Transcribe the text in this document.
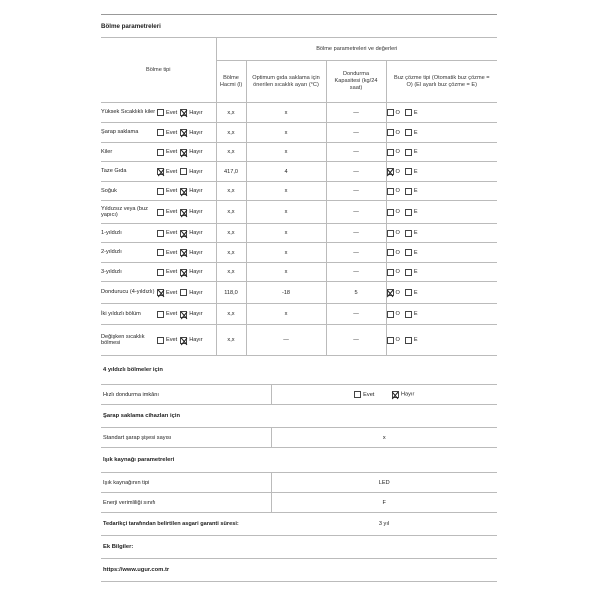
Bölme parametreleri
Bölme tipi		Bölme parametreleri ve değerleri			

		Bölme Hacmi (l)	Optimum gıda saklama için önerilen sıcaklık ayarı (°C)	Dondurma Kapasitesi (kg/24 saat)	Buz çözme tipi (Otomatik buz çözme = O) (El ayarlı buz çözme = E)

Yüksek Sıcaklıklı kiler	Evet Hayır	x,x	x	—	O E
Şarap saklama	Evet Hayır	x,x	x	—	O E
Kiler	Evet Hayır	x,x	x	—	O E
Taze Gıda	Evet Hayır	417,0	4	—	O E
Soğuk	Evet Hayır	x,x	x	—	O E
Yıldızsız veya (buz yapıcı)	Evet Hayır	x,x	x	—	O E
1-yıldızlı	Evet Hayır	x,x	x	—	O E
2-yıldızlı	Evet Hayır	x,x	x	—	O E
3-yıldızlı	Evet Hayır	x,x	x	—	O E
Dondurucu (4-yıldızlı)	Evet Hayır	118,0	-18	5	O E
İki yıldızlı bölüm	Evet Hayır	x,x	x	—	O E
Değişken sıcaklık bölmesi	Evet Hayır	x,x	—	—	O E
4 yıldızlı bölmeler için
Hızlı dondurma imkânı	Evet	Hayır
Şarap saklama cihazları için
Standart şarap şişesi sayısı	x
Işık kaynağı parametreleri
Işık kaynağının tipi	LED
Enerji verimliliği sınıfı	F
Tedarikçi tarafından belirtilen asgari garanti süresi:	3 yıl
Ek Bilgiler:
https://www.ugur.com.tr
